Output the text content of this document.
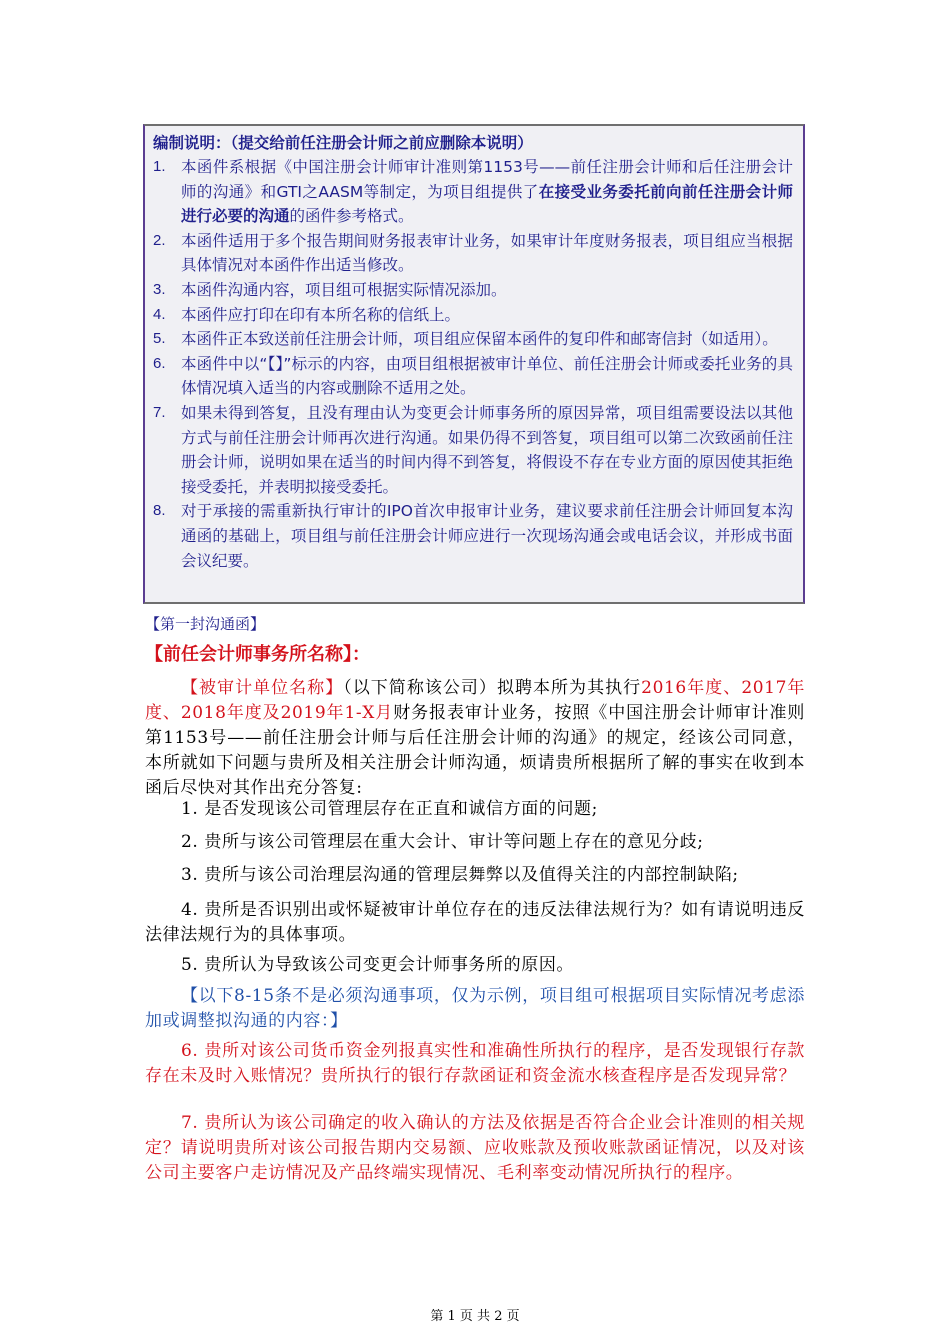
编制说明：（提交给前任注册会计师之前应删除本说明）
1. 本函件系根据《中国注册会计师审计准则第1153号——前任注册会计师和后任注册会计师的沟通》和GTI之AASM等制定，为项目组提供了在接受业务委托前向前任注册会计师进行必要的沟通的函件参考格式。
2. 本函件适用于多个报告期间财务报表审计业务，如果审计年度财务报表，项目组应当根据具体情况对本函件作出适当修改。
3. 本函件沟通内容，项目组可根据实际情况添加。
4. 本函件应打印在印有本所名称的信纸上。
5. 本函件正本致送前任注册会计师，项目组应保留本函件的复印件和邮寄信封（如适用）。
6. 本函件中以“【】”标示的内容，由项目组根据被审计单位、前任注册会计师或委托业务的具体情况填入适当的内容或删除不适用之处。
7. 如果未得到答复，且没有理由认为变更会计师事务所的原因异常，项目组需要设法以其他方式与前任注册会计师再次进行沟通。如果仍得不到答复，项目组可以第二次致函前任注册会计师，说明如果在适当的时间内得不到答复，将假设不存在专业方面的原因使其拒绝接受委托，并表明拟接受委托。
8. 对于承接的需重新执行审计的IPO首次申报审计业务，建议要求前任注册会计师回复本沟通函的基础上，项目组与前任注册会计师应进行一次现场沟通会或电话会议，并形成书面会议纪要。
【第一封沟通函】
【前任会计师事务所名称】：
【被审计单位名称】（以下简称该公司）拟聘本所为其执行2016年度、2017年度、2018年度及2019年1-X月财务报表审计业务，按照《中国注册会计师审计准则第1153号——前任注册会计师与后任注册会计师的沟通》的规定，经该公司同意，本所就如下问题与贵所及相关注册会计师沟通，烦请贵所根据所了解的事实在收到本函后尽快对其作出充分答复:
1. 是否发现该公司管理层存在正直和诚信方面的问题;
2. 贵所与该公司管理层在重大会计、审计等问题上存在的意见分歧;
3. 贵所与该公司治理层沟通的管理层舞弊以及值得关注的内部控制缺陷;
4. 贵所是否识别出或怀疑被审计单位存在的违反法律法规行为？如有请说明违反法律法规行为的具体事项。
5. 贵所认为导致该公司变更会计师事务所的原因。
【以下8-15条不是必须沟通事项，仅为示例，项目组可根据项目实际情况考虑添加或调整拟沟通的内容：】
6. 贵所对该公司货币资金列报真实性和准确性所执行的程序，是否发现银行存款存在未及时入账情况？贵所执行的银行存款函证和资金流水核查程序是否发现异常？
7. 贵所认为该公司确定的收入确认的方法及依据是否符合企业会计准则的相关规定？请说明贵所对该公司报告期内交易额、应收账款及预收账款函证情况，以及对该公司主要客户走访情况及产品终端实现情况、毛利率变动情况所执行的程序。
第 1 页 共 2 页
